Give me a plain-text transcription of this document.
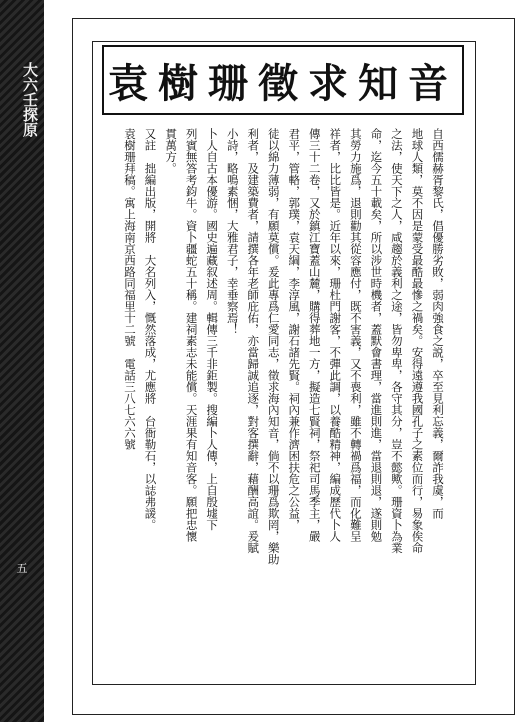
大六壬探原
五
袁樹珊徵求知音
自西儒赫胥黎氏，倡優勝劣敗，弱肉強食之説，卒至見利忘義，爾詐我虞，而
地球人類，莫不因是蒙受最酷最慘之禍矣。安得遠遵我國孔子之素位而行，易象俟命
之法，使天下之人，咸趨於義利之途，皆勿卑卑，各守其分，豈不懿歟。珊資卜為業
命，迄今五十載矣，所以涉世時機者，蓋默會書理，當進則進，當退則退，遂則勉
其勞力施爲，退則勸其從容應付，既不害義，又不喪利，雖不轉禍爲福，而化難呈
祥者，比比皆是。近年以來，珊杜門謝客，不彈此調，以養酷精神，編成歷代卜人
傳三十二卷，又於鎮江寶蓋山麓，購得葬地一方，擬造七賢祠，祭祀司馬季主，嚴
君平，管輅，郭璞，袁天綱，李淳風，謝石諸先賢。祠內兼作濟困扶危之公益，
徒以綿力薄弱，有願莫償。爰此專爲仁愛同志，徵求海內知音，倘不以珊爲欺罔，樂助
利者，及建築費者，請撰各年老師庇佑，亦當歸誠追逐，對客撰辭，藉酬高誼。爰賦
小詩，略鳴素悃，大雅君子，幸垂察焉！
卜人自古本優游。國史遍藏叙述周。輯傳三千非鉅製。搜編卜人傳，上自殷墟下
列賓無答考鈞牛。資卜疆蛇五十稱。建祠素志未能償。天涯果有知音客。願把忠懷
貫萬方。
又註　拙編出版，開將　大名列入，慨然落成，尤應將　台衙勒石，以誌弗諼。
袁樹珊拜稿。寓上海南京西路同福里十二號　電話三八七六六號
